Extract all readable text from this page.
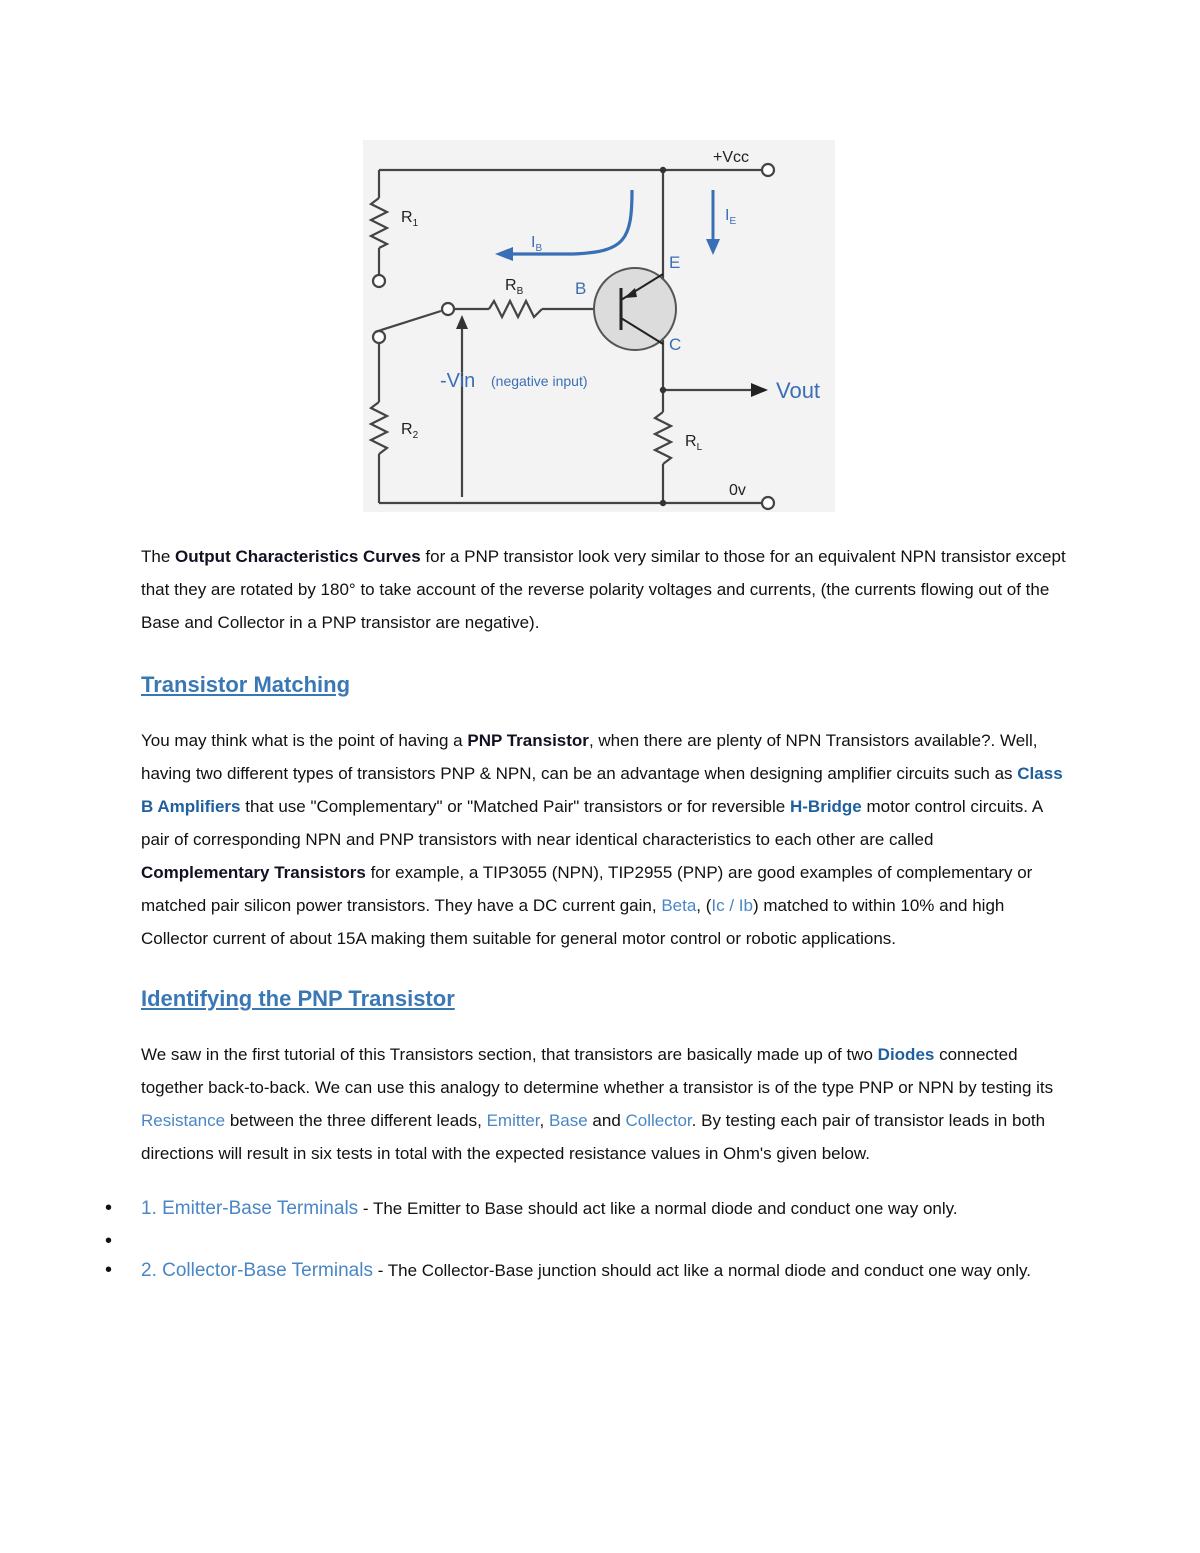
+Vcc
$R_1$
$R_2$
$R_B$
$R_L$
$I_B$
$I_E$
B
E
C
-Vin (negative input)	Vout
0v

The Output Characteristics Curves for a PNP transistor look very similar to those for an equivalent NPN transistor except that they are rotated by 180° to take account of the reverse polarity voltages and currents, (the currents flowing out of the Base and Collector in a PNP transistor are negative).

Transistor Matching

You may think what is the point of having a PNP Transistor, when there are plenty of NPN Transistors available?. Well, having two different types of transistors PNP & NPN, can be an advantage when designing amplifier circuits such as Class B Amplifiers that use "Complementary" or "Matched Pair" transistors or for reversible H-Bridge motor control circuits. A pair of corresponding NPN and PNP transistors with near identical characteristics to each other are called Complementary Transistors for example, a TIP3055 (NPN), TIP2955 (PNP) are good examples of complementary or matched pair silicon power transistors. They have a DC current gain, Beta, (Ic / Ib) matched to within 10% and high Collector current of about 15A making them suitable for general motor control or robotic applications.

Identifying the PNP Transistor

We saw in the first tutorial of this Transistors section, that transistors are basically made up of two Diodes connected together back-to-back. We can use this analogy to determine whether a transistor is of the type PNP or NPN by testing its Resistance between the three different leads, Emitter, Base and Collector. By testing each pair of transistor leads in both directions will result in six tests in total with the expected resistance values in Ohm's given below.

• 1. Emitter-Base Terminals - The Emitter to Base should act like a normal diode and conduct one way only.
•
• 2. Collector-Base Terminals - The Collector-Base junction should act like a normal diode and conduct one way only.
